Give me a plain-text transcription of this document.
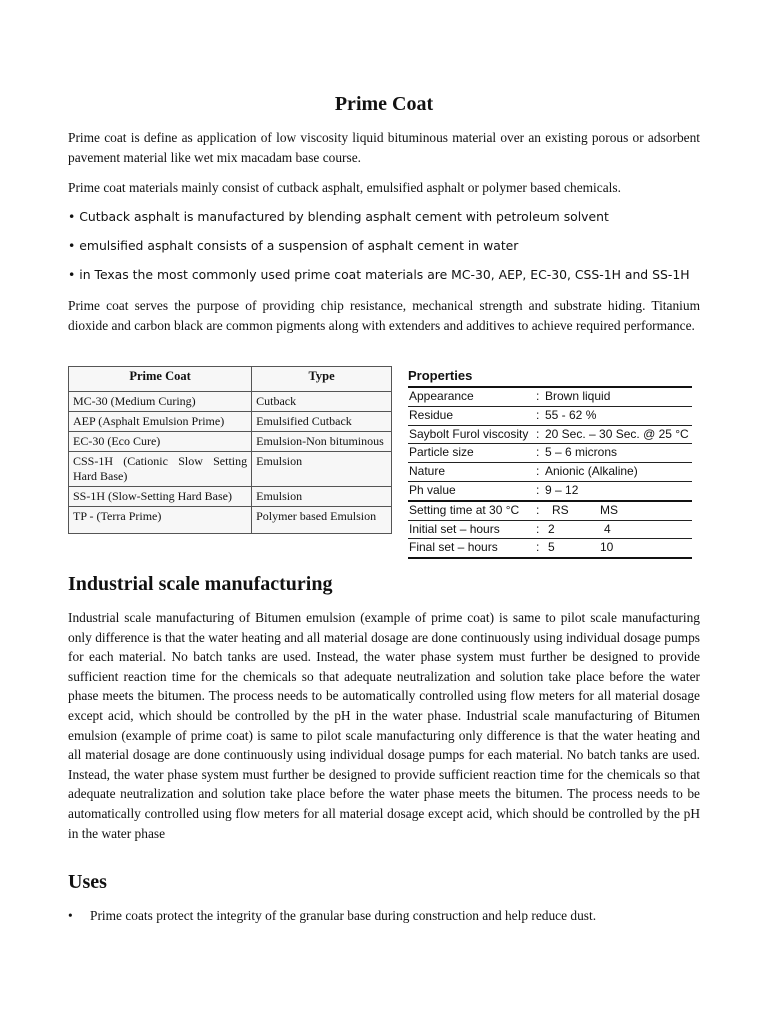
Prime Coat
Prime coat is define as application of low viscosity liquid bituminous material over an existing porous or adsorbent pavement material like wet mix macadam base course.
Prime coat materials mainly consist of cutback asphalt, emulsified asphalt or polymer based chemicals.
• Cutback asphalt is manufactured by blending asphalt cement with petroleum solvent
• emulsified asphalt consists of a suspension of asphalt cement in water
• in Texas the most commonly used prime coat materials are MC-30, AEP, EC-30, CSS-1H and SS-1H
Prime coat serves the purpose of providing chip resistance, mechanical strength and substrate hiding. Titanium dioxide and carbon black are common pigments along with extenders and additives to achieve required performance.
Prime Coat	Type
MC-30 (Medium Curing)	Cutback
AEP (Asphalt Emulsion Prime)	Emulsified Cutback
EC-30 (Eco Cure)	Emulsion-Non bituminous
CSS-1H (Cationic Slow Setting Hard Base)	Emulsion
SS-1H (Slow-Setting Hard Base)	Emulsion
TP - (Terra Prime)	Polymer based Emulsion
Properties
Appearance	: Brown liquid
Residue	: 55 - 62 %
Saybolt Furol viscosity : 20 Sec. – 30 Sec. @ 25 °C
Particle size	: 5 – 6 microns
Nature	: Anionic (Alkaline)
Ph value	: 9 – 12
Setting time at 30 °C : RS	MS
Initial set – hours	: 2	4
Final set – hours	: 5	10
Industrial scale manufacturing
Industrial scale manufacturing of Bitumen emulsion (example of prime coat) is same to pilot scale manufacturing only difference is that the water heating and all material dosage are done continuously using individual dosage pumps for each material. No batch tanks are used. Instead, the water phase system must further be designed to provide sufficient reaction time for the chemicals so that adequate neutralization and solution take place before the water phase meets the bitumen. The process needs to be automatically controlled using flow meters for all material dosage except acid, which should be controlled by the pH in the water phase. Industrial scale manufacturing of Bitumen emulsion (example of prime coat) is same to pilot scale manufacturing only difference is that the water heating and all material dosage are done continuously using individual dosage pumps for each material. No batch tanks are used. Instead, the water phase system must further be designed to provide sufficient reaction time for the chemicals so that adequate neutralization and solution take place before the water phase meets the bitumen. The process needs to be automatically controlled using flow meters for all material dosage except acid, which should be controlled by the pH in the water phase
Uses
• Prime coats protect the integrity of the granular base during construction and help reduce dust.
